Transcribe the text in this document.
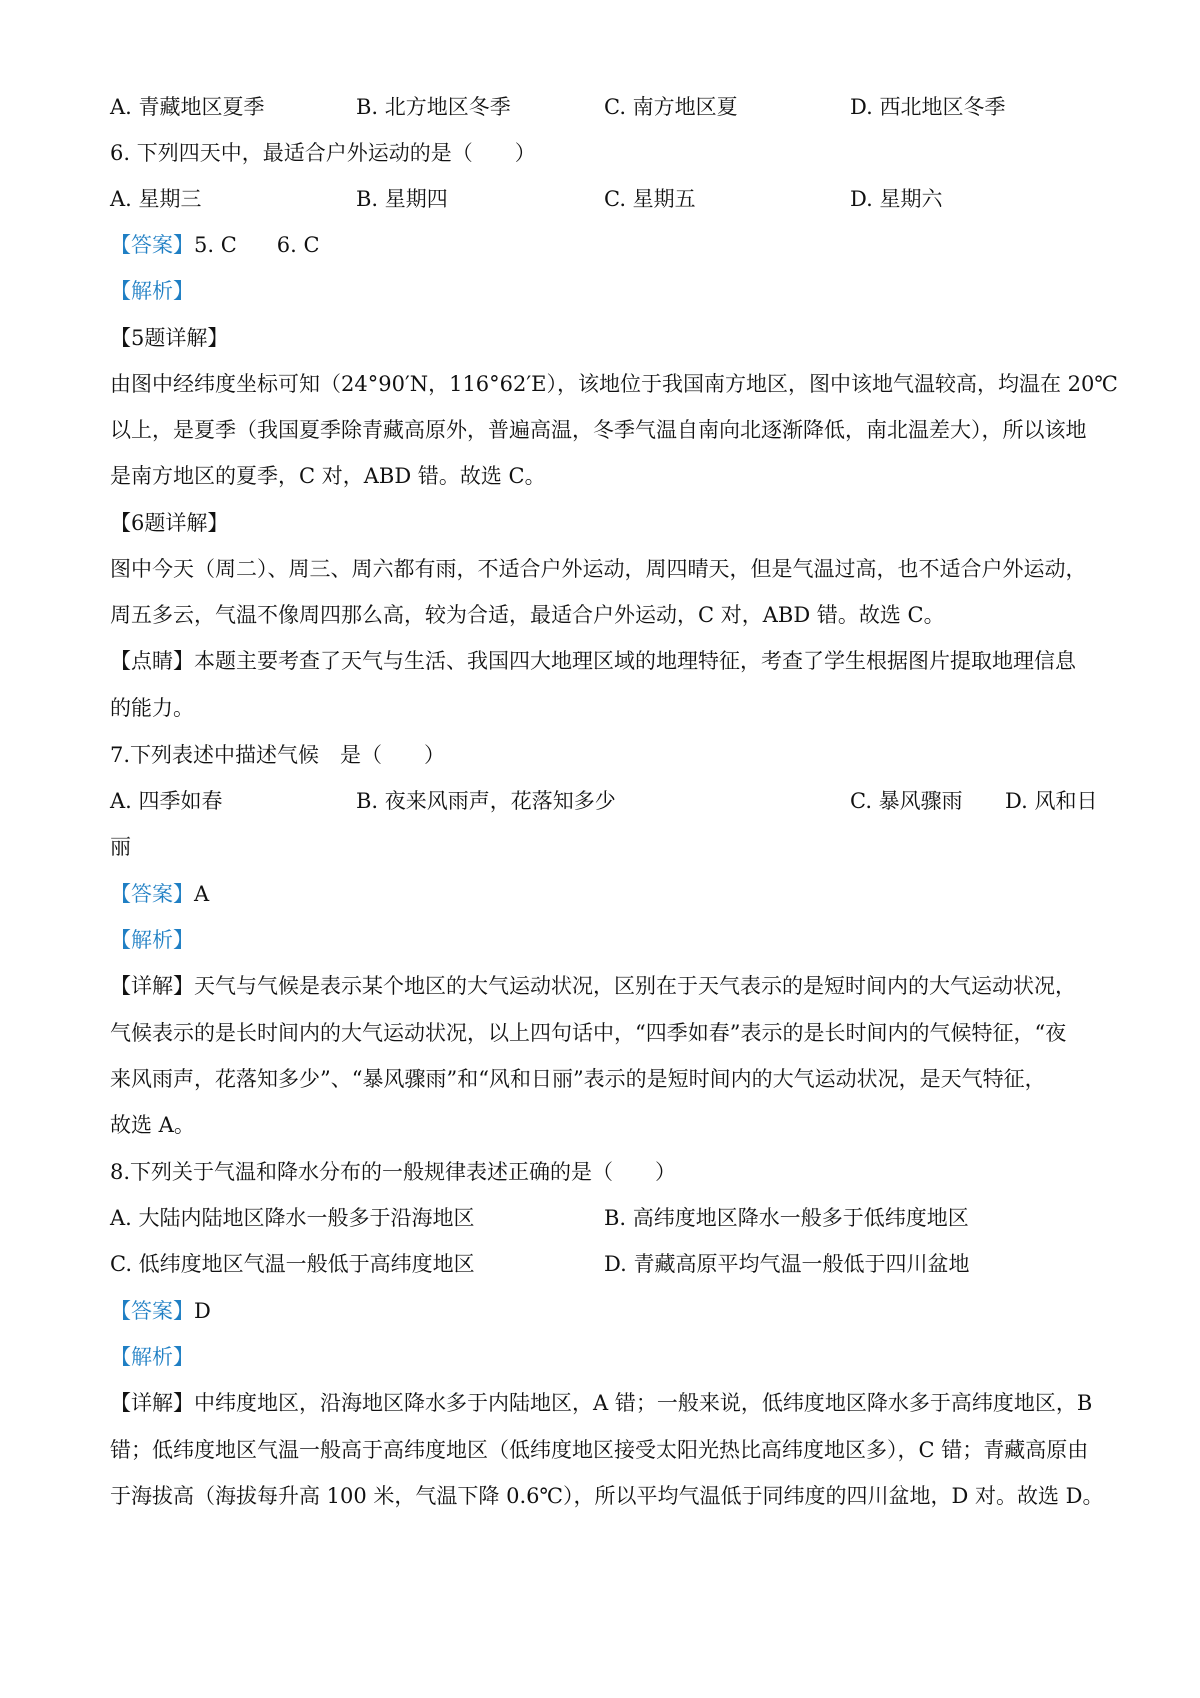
A. 青藏地区夏季	B. 北方地区冬季	C. 南方地区夏	D. 西北地区冬季
6. 下列四天中，最适合户外运动的是（　　）
A. 星期三	B. 星期四	C. 星期五	D. 星期六
【答案】5. C 6. C
【解析】
【5题详解】
由图中经纬度坐标可知（24°90′N，116°62′E），该地位于我国南方地区，图中该地气温较高，均温在 20℃
以上，是夏季（我国夏季除青藏高原外，普遍高温，冬季气温自南向北逐渐降低，南北温差大），所以该地
是南方地区的夏季，C 对，ABD 错。故选 C。
【6题详解】
图中今天（周二）、周三、周六都有雨，不适合户外运动，周四晴天，但是气温过高，也不适合户外运动，
周五多云，气温不像周四那么高，较为合适，最适合户外运动，C 对，ABD 错。故选 C。
【点睛】本题主要考查了天气与生活、我国四大地理区域的地理特征，考查了学生根据图片提取地理信息
的能力。
7.下列表述中描述气候　是（　　）
A. 四季如春	B. 夜来风雨声，花落知多少	C. 暴风骤雨 D. 风和日
丽
【答案】A
【解析】
【详解】天气与气候是表示某个地区的大气运动状况，区别在于天气表示的是短时间内的大气运动状况，
气候表示的是长时间内的大气运动状况，以上四句话中，“四季如春”表示的是长时间内的气候特征，“夜
来风雨声，花落知多少”、“暴风骤雨”和“风和日丽”表示的是短时间内的大气运动状况，是天气特征，
故选 A。
8.下列关于气温和降水分布的一般规律表述正确的是（　　）
A. 大陆内陆地区降水一般多于沿海地区	B. 高纬度地区降水一般多于低纬度地区
C. 低纬度地区气温一般低于高纬度地区	D. 青藏高原平均气温一般低于四川盆地
【答案】D
【解析】
【详解】中纬度地区，沿海地区降水多于内陆地区，A 错；一般来说，低纬度地区降水多于高纬度地区，B
错；低纬度地区气温一般高于高纬度地区（低纬度地区接受太阳光热比高纬度地区多），C 错；青藏高原由
于海拔高（海拔每升高 100 米，气温下降 0.6℃），所以平均气温低于同纬度的四川盆地，D 对。故选 D。
